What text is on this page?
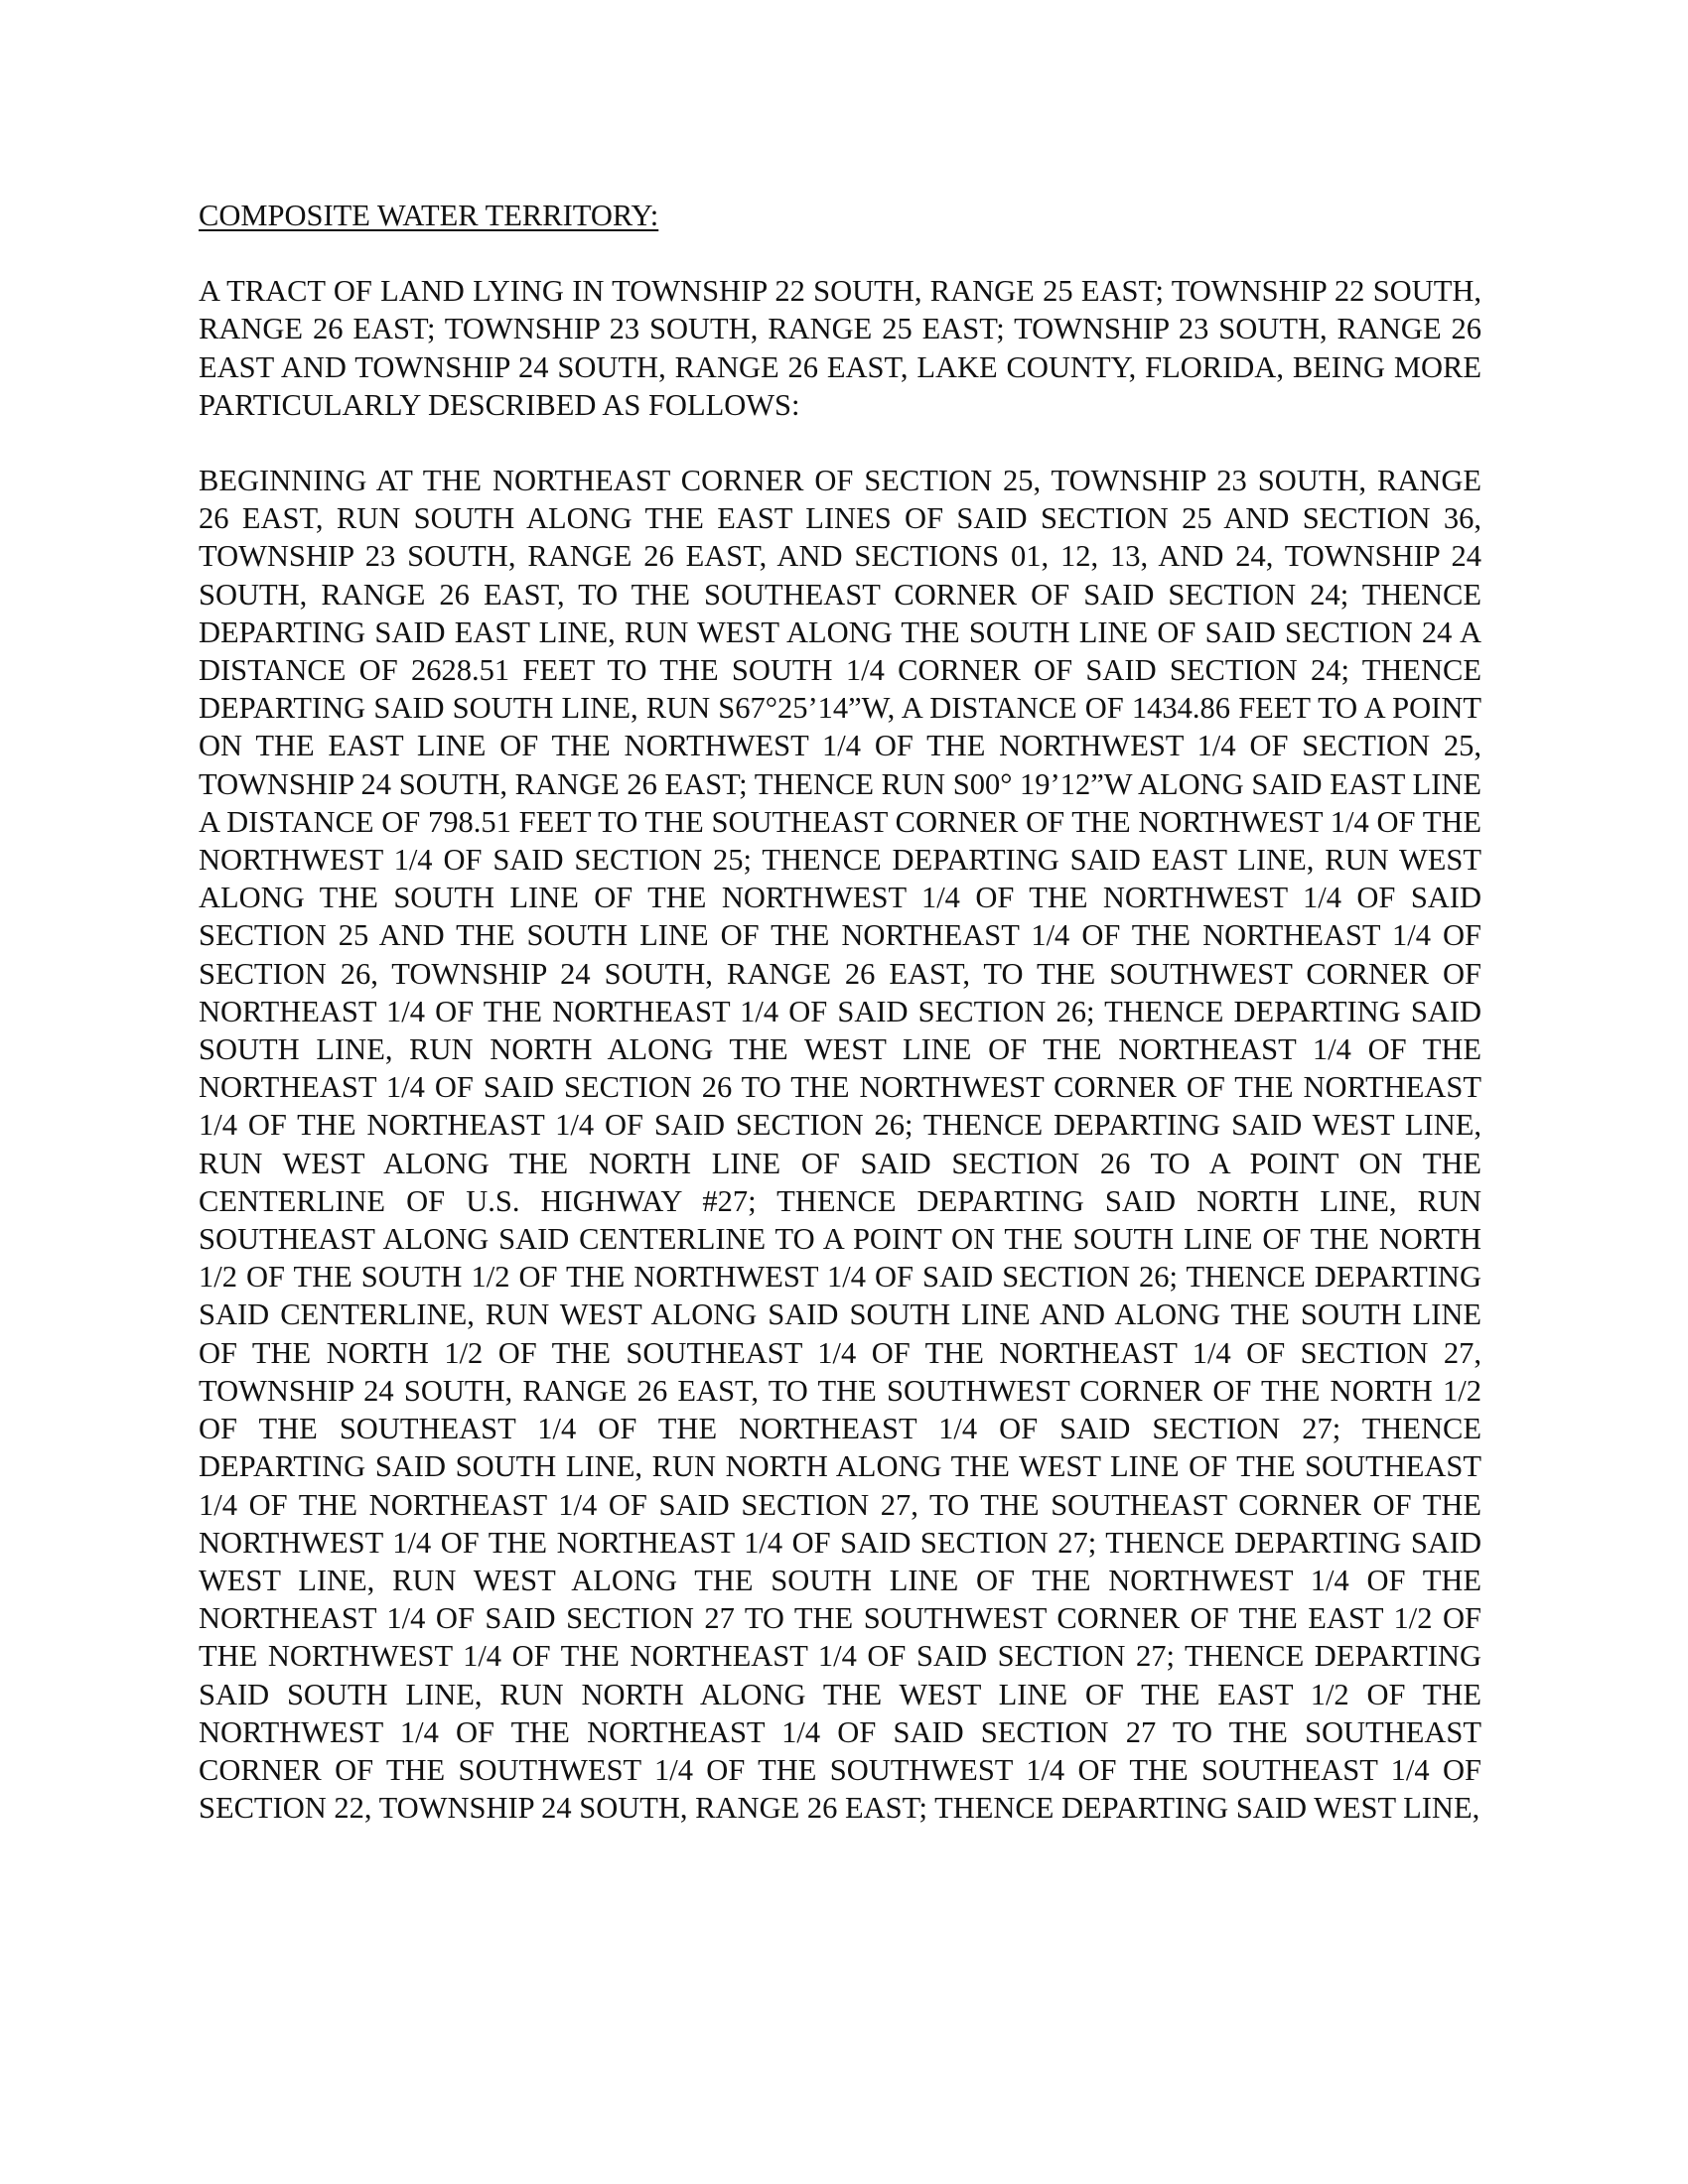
COMPOSITE WATER TERRITORY:
A TRACT OF LAND LYING IN TOWNSHIP 22 SOUTH, RANGE 25 EAST; TOWNSHIP 22 SOUTH, RANGE 26 EAST; TOWNSHIP 23 SOUTH, RANGE 25 EAST; TOWNSHIP 23 SOUTH, RANGE 26 EAST AND TOWNSHIP 24 SOUTH, RANGE 26 EAST, LAKE COUNTY, FLORIDA, BEING MORE PARTICULARLY DESCRIBED AS FOLLOWS:
BEGINNING AT THE NORTHEAST CORNER OF SECTION 25, TOWNSHIP 23 SOUTH, RANGE 26 EAST, RUN SOUTH ALONG THE EAST LINES OF SAID SECTION 25 AND SECTION 36, TOWNSHIP 23 SOUTH, RANGE 26 EAST, AND SECTIONS 01, 12, 13, AND 24, TOWNSHIP 24 SOUTH, RANGE 26 EAST, TO THE SOUTHEAST CORNER OF SAID SECTION 24; THENCE DEPARTING SAID EAST LINE, RUN WEST ALONG THE SOUTH LINE OF SAID SECTION 24 A DISTANCE OF 2628.51 FEET TO THE SOUTH 1/4 CORNER OF SAID SECTION 24; THENCE DEPARTING SAID SOUTH LINE, RUN S67°25’14”W, A DISTANCE OF 1434.86 FEET TO A POINT ON THE EAST LINE OF THE NORTHWEST 1/4 OF THE NORTHWEST 1/4 OF SECTION 25, TOWNSHIP 24 SOUTH, RANGE 26 EAST; THENCE RUN S00° 19’12”W ALONG SAID EAST LINE A DISTANCE OF 798.51 FEET TO THE SOUTHEAST CORNER OF THE NORTHWEST 1/4 OF THE NORTHWEST 1/4 OF SAID SECTION 25; THENCE DEPARTING SAID EAST LINE, RUN WEST ALONG THE SOUTH LINE OF THE NORTHWEST 1/4 OF THE NORTHWEST 1/4 OF SAID SECTION 25 AND THE SOUTH LINE OF THE NORTHEAST 1/4 OF THE NORTHEAST 1/4 OF SECTION 26, TOWNSHIP 24 SOUTH, RANGE 26 EAST, TO THE SOUTHWEST CORNER OF NORTHEAST 1/4 OF THE NORTHEAST 1/4 OF SAID SECTION 26; THENCE DEPARTING SAID SOUTH LINE, RUN NORTH ALONG THE WEST LINE OF THE NORTHEAST 1/4 OF THE NORTHEAST 1/4 OF SAID SECTION 26 TO THE NORTHWEST CORNER OF THE NORTHEAST 1/4 OF THE NORTHEAST 1/4 OF SAID SECTION 26; THENCE DEPARTING SAID WEST LINE, RUN WEST ALONG THE NORTH LINE OF SAID SECTION 26 TO A POINT ON THE CENTERLINE OF U.S. HIGHWAY #27; THENCE DEPARTING SAID NORTH LINE, RUN SOUTHEAST ALONG SAID CENTERLINE TO A POINT ON THE SOUTH LINE OF THE NORTH 1/2 OF THE SOUTH 1/2 OF THE NORTHWEST 1/4 OF SAID SECTION 26; THENCE DEPARTING SAID CENTERLINE, RUN WEST ALONG SAID SOUTH LINE AND ALONG THE SOUTH LINE OF THE NORTH 1/2 OF THE SOUTHEAST 1/4 OF THE NORTHEAST 1/4 OF SECTION 27, TOWNSHIP 24 SOUTH, RANGE 26 EAST, TO THE SOUTHWEST CORNER OF THE NORTH 1/2 OF THE SOUTHEAST 1/4 OF THE NORTHEAST 1/4 OF SAID SECTION 27; THENCE DEPARTING SAID SOUTH LINE, RUN NORTH ALONG THE WEST LINE OF THE SOUTHEAST 1/4 OF THE NORTHEAST 1/4 OF SAID SECTION 27, TO THE SOUTHEAST CORNER OF THE NORTHWEST 1/4 OF THE NORTHEAST 1/4 OF SAID SECTION 27; THENCE DEPARTING SAID WEST LINE, RUN WEST ALONG THE SOUTH LINE OF THE NORTHWEST 1/4 OF THE NORTHEAST 1/4 OF SAID SECTION 27 TO THE SOUTHWEST CORNER OF THE EAST 1/2 OF THE NORTHWEST 1/4 OF THE NORTHEAST 1/4 OF SAID SECTION 27; THENCE DEPARTING SAID SOUTH LINE, RUN NORTH ALONG THE WEST LINE OF THE EAST 1/2 OF THE NORTHWEST 1/4 OF THE NORTHEAST 1/4 OF SAID SECTION 27 TO THE SOUTHEAST CORNER OF THE SOUTHWEST 1/4 OF THE SOUTHWEST 1/4 OF THE SOUTHEAST 1/4 OF SECTION 22, TOWNSHIP 24 SOUTH, RANGE 26 EAST; THENCE DEPARTING SAID WEST LINE,
